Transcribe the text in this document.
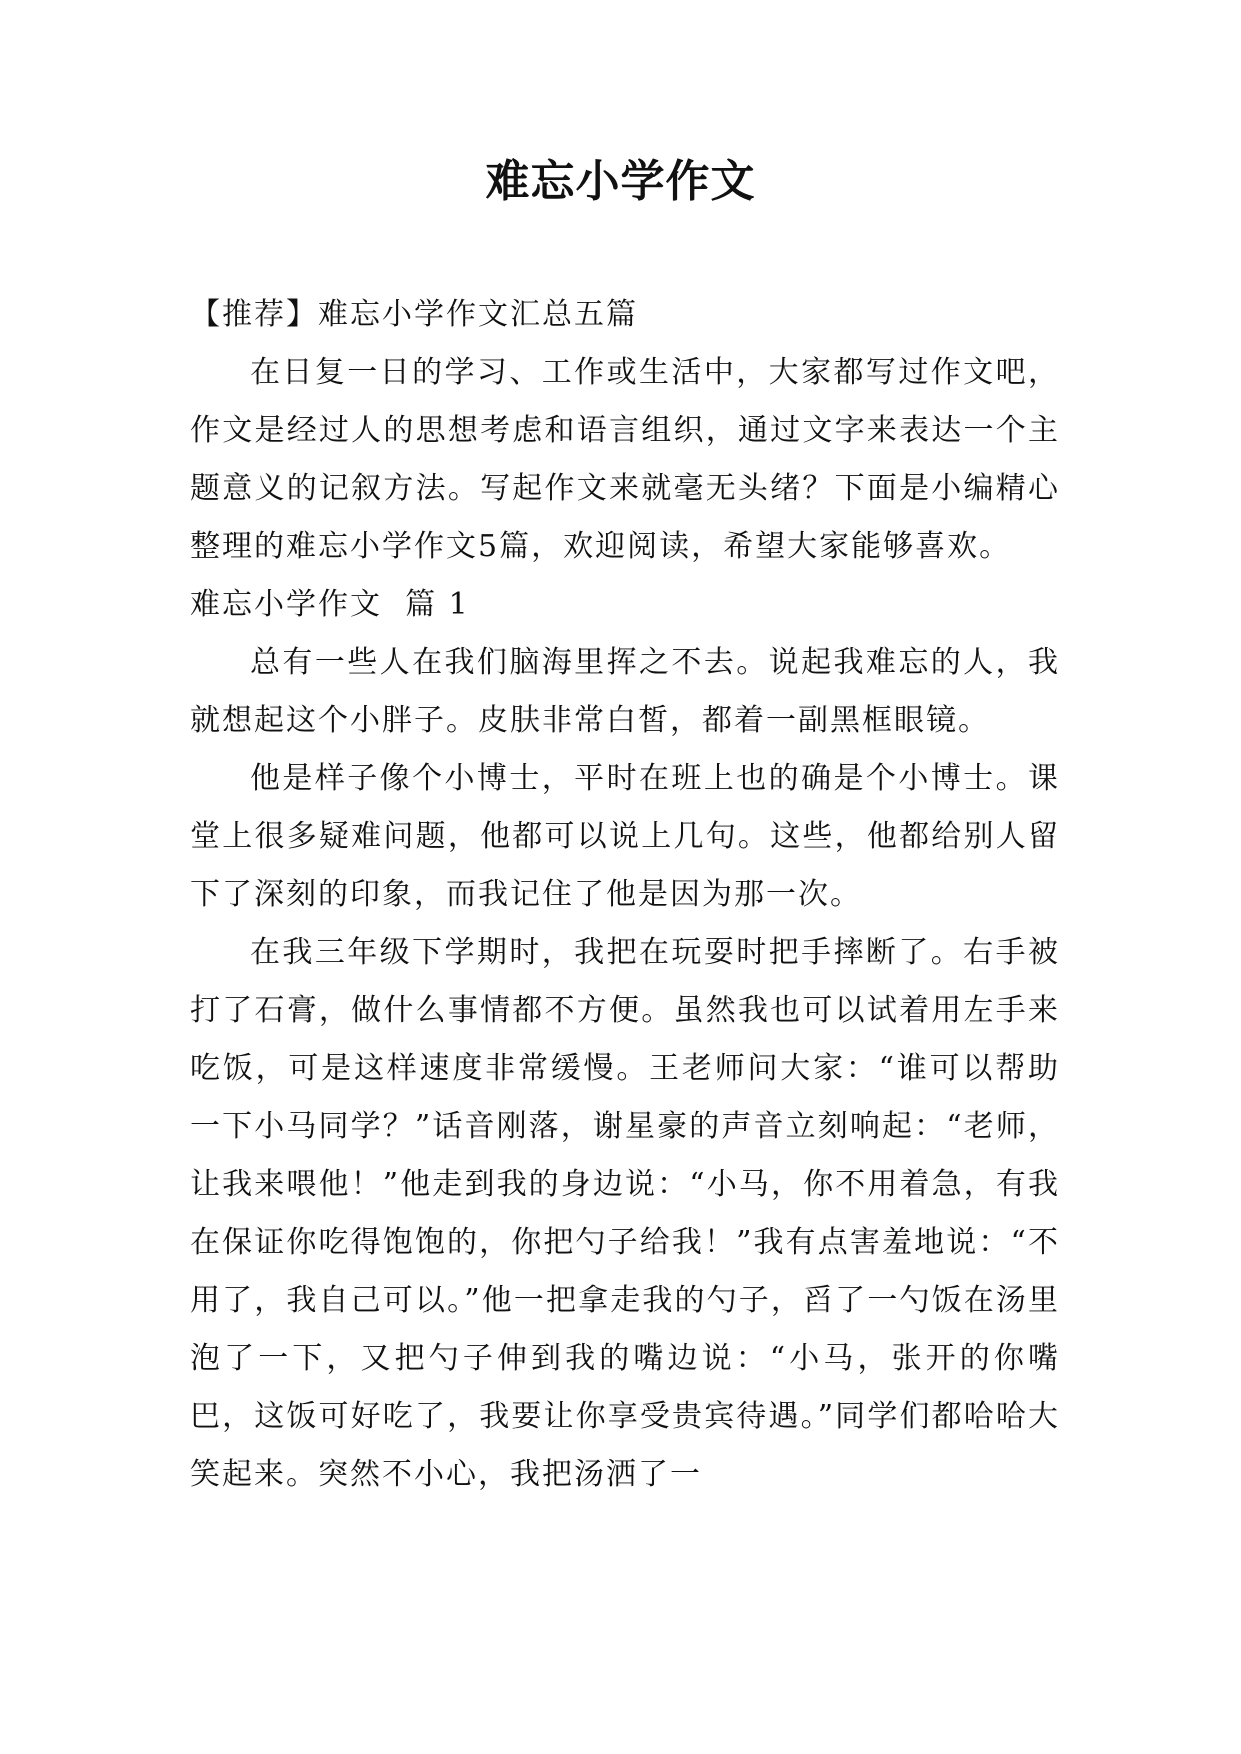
难忘小学作文

【推荐】难忘小学作文汇总五篇

在日复一日的学习、工作或生活中，大家都写过作文吧，作文是经过人的思想考虑和语言组织，通过文字来表达一个主题意义的记叙方法。写起作文来就毫无头绪？下面是小编精心整理的难忘小学作文5篇，欢迎阅读，希望大家能够喜欢。

难忘小学作文  篇 1

总有一些人在我们脑海里挥之不去。说起我难忘的人，我就想起这个小胖子。皮肤非常白皙，都着一副黑框眼镜。

他是样子像个小博士，平时在班上也的确是个小博士。课堂上很多疑难问题，他都可以说上几句。这些，他都给别人留下了深刻的印象，而我记住了他是因为那一次。

在我三年级下学期时，我把在玩耍时把手摔断了。右手被打了石膏，做什么事情都不方便。虽然我也可以试着用左手来吃饭，可是这样速度非常缓慢。王老师问大家：“谁可以帮助一下小马同学？”话音刚落，谢星豪的声音立刻响起：“老师，让我来喂他！”他走到我的身边说：“小马，你不用着急，有我在保证你吃得饱饱的，你把勺子给我！”我有点害羞地说：“不用了，我自己可以。”他一把拿走我的勺子，舀了一勺饭在汤里泡了一下，又把勺子伸到我的嘴边说：“小马，张开的你嘴巴，这饭可好吃了，我要让你享受贵宾待遇。”同学们都哈哈大笑起来。突然不小心，我把汤洒了一
